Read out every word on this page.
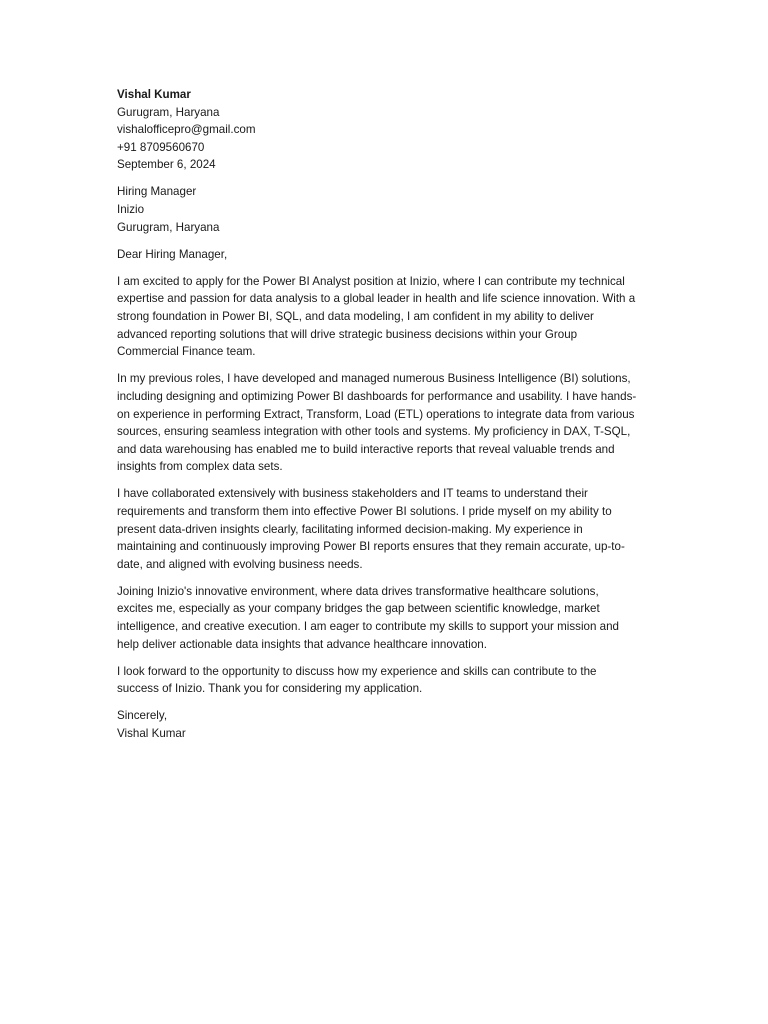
Vishal Kumar
Gurugram, Haryana
vishalofficepro@gmail.com
+91 8709560670
September 6, 2024
Hiring Manager
Inizio
Gurugram, Haryana
Dear Hiring Manager,

I am excited to apply for the Power BI Analyst position at Inizio, where I can contribute my technical
expertise and passion for data analysis to a global leader in health and life science innovation. With a
strong foundation in Power BI, SQL, and data modeling, I am confident in my ability to deliver
advanced reporting solutions that will drive strategic business decisions within your Group
Commercial Finance team.

In my previous roles, I have developed and managed numerous Business Intelligence (BI) solutions,
including designing and optimizing Power BI dashboards for performance and usability. I have hands-
on experience in performing Extract, Transform, Load (ETL) operations to integrate data from various
sources, ensuring seamless integration with other tools and systems. My proficiency in DAX, T-SQL,
and data warehousing has enabled me to build interactive reports that reveal valuable trends and
insights from complex data sets.

I have collaborated extensively with business stakeholders and IT teams to understand their
requirements and transform them into effective Power BI solutions. I pride myself on my ability to
present data-driven insights clearly, facilitating informed decision-making. My experience in
maintaining and continuously improving Power BI reports ensures that they remain accurate, up-to-
date, and aligned with evolving business needs.

Joining Inizio's innovative environment, where data drives transformative healthcare solutions,
excites me, especially as your company bridges the gap between scientific knowledge, market
intelligence, and creative execution. I am eager to contribute my skills to support your mission and
help deliver actionable data insights that advance healthcare innovation.

I look forward to the opportunity to discuss how my experience and skills can contribute to the
success of Inizio. Thank you for considering my application.

Sincerely,
Vishal Kumar
